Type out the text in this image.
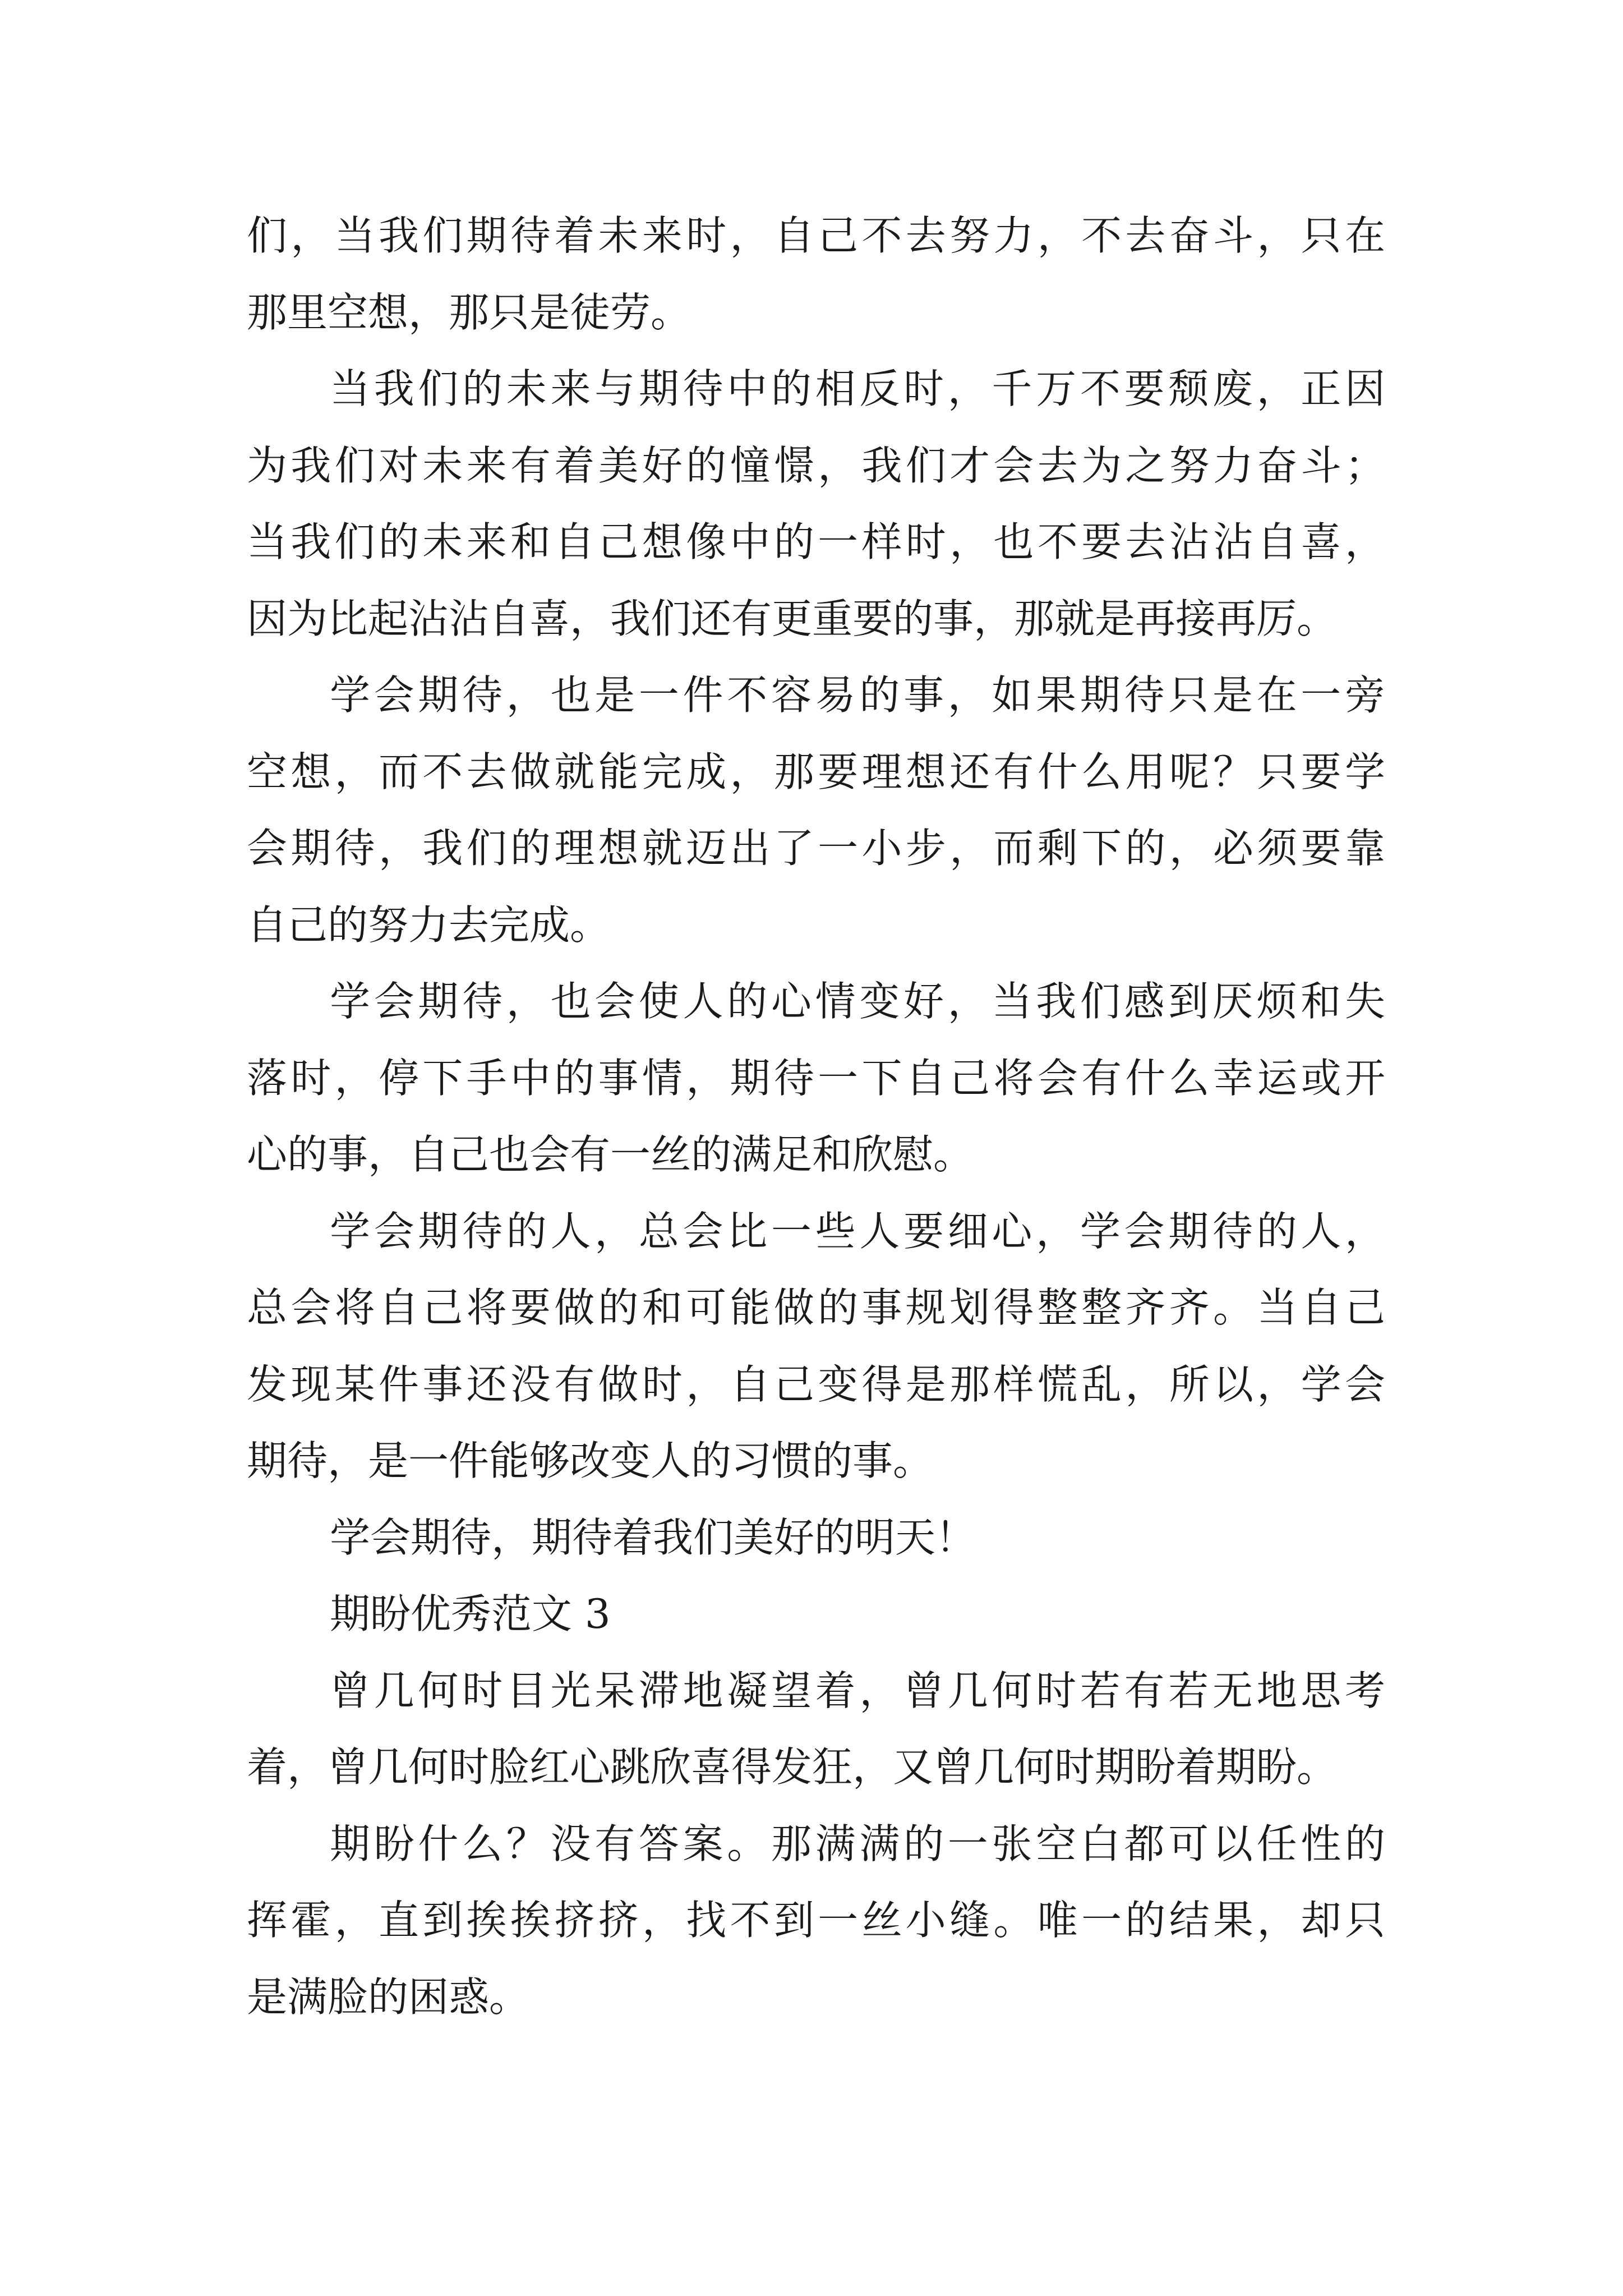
们，当我们期待着未来时，自己不去努力，不去奋斗，只在
那里空想，那只是徒劳。
当我们的未来与期待中的相反时，千万不要颓废，正因
为我们对未来有着美好的憧憬，我们才会去为之努力奋斗；
当我们的未来和自己想像中的一样时，也不要去沾沾自喜，
因为比起沾沾自喜，我们还有更重要的事，那就是再接再厉。
学会期待，也是一件不容易的事，如果期待只是在一旁
空想，而不去做就能完成，那要理想还有什么用呢？只要学
会期待，我们的理想就迈出了一小步，而剩下的，必须要靠
自己的努力去完成。
学会期待，也会使人的心情变好，当我们感到厌烦和失
落时，停下手中的事情，期待一下自己将会有什么幸运或开
心的事，自己也会有一丝的满足和欣慰。
学会期待的人，总会比一些人要细心，学会期待的人，
总会将自己将要做的和可能做的事规划得整整齐齐。当自己
发现某件事还没有做时，自己变得是那样慌乱，所以，学会
期待，是一件能够改变人的习惯的事。
学会期待，期待着我们美好的明天！
期盼优秀范文 3
曾几何时目光呆滞地凝望着，曾几何时若有若无地思考
着，曾几何时脸红心跳欣喜得发狂，又曾几何时期盼着期盼。
期盼什么？没有答案。那满满的一张空白都可以任性的
挥霍，直到挨挨挤挤，找不到一丝小缝。唯一的结果，却只
是满脸的困惑。
